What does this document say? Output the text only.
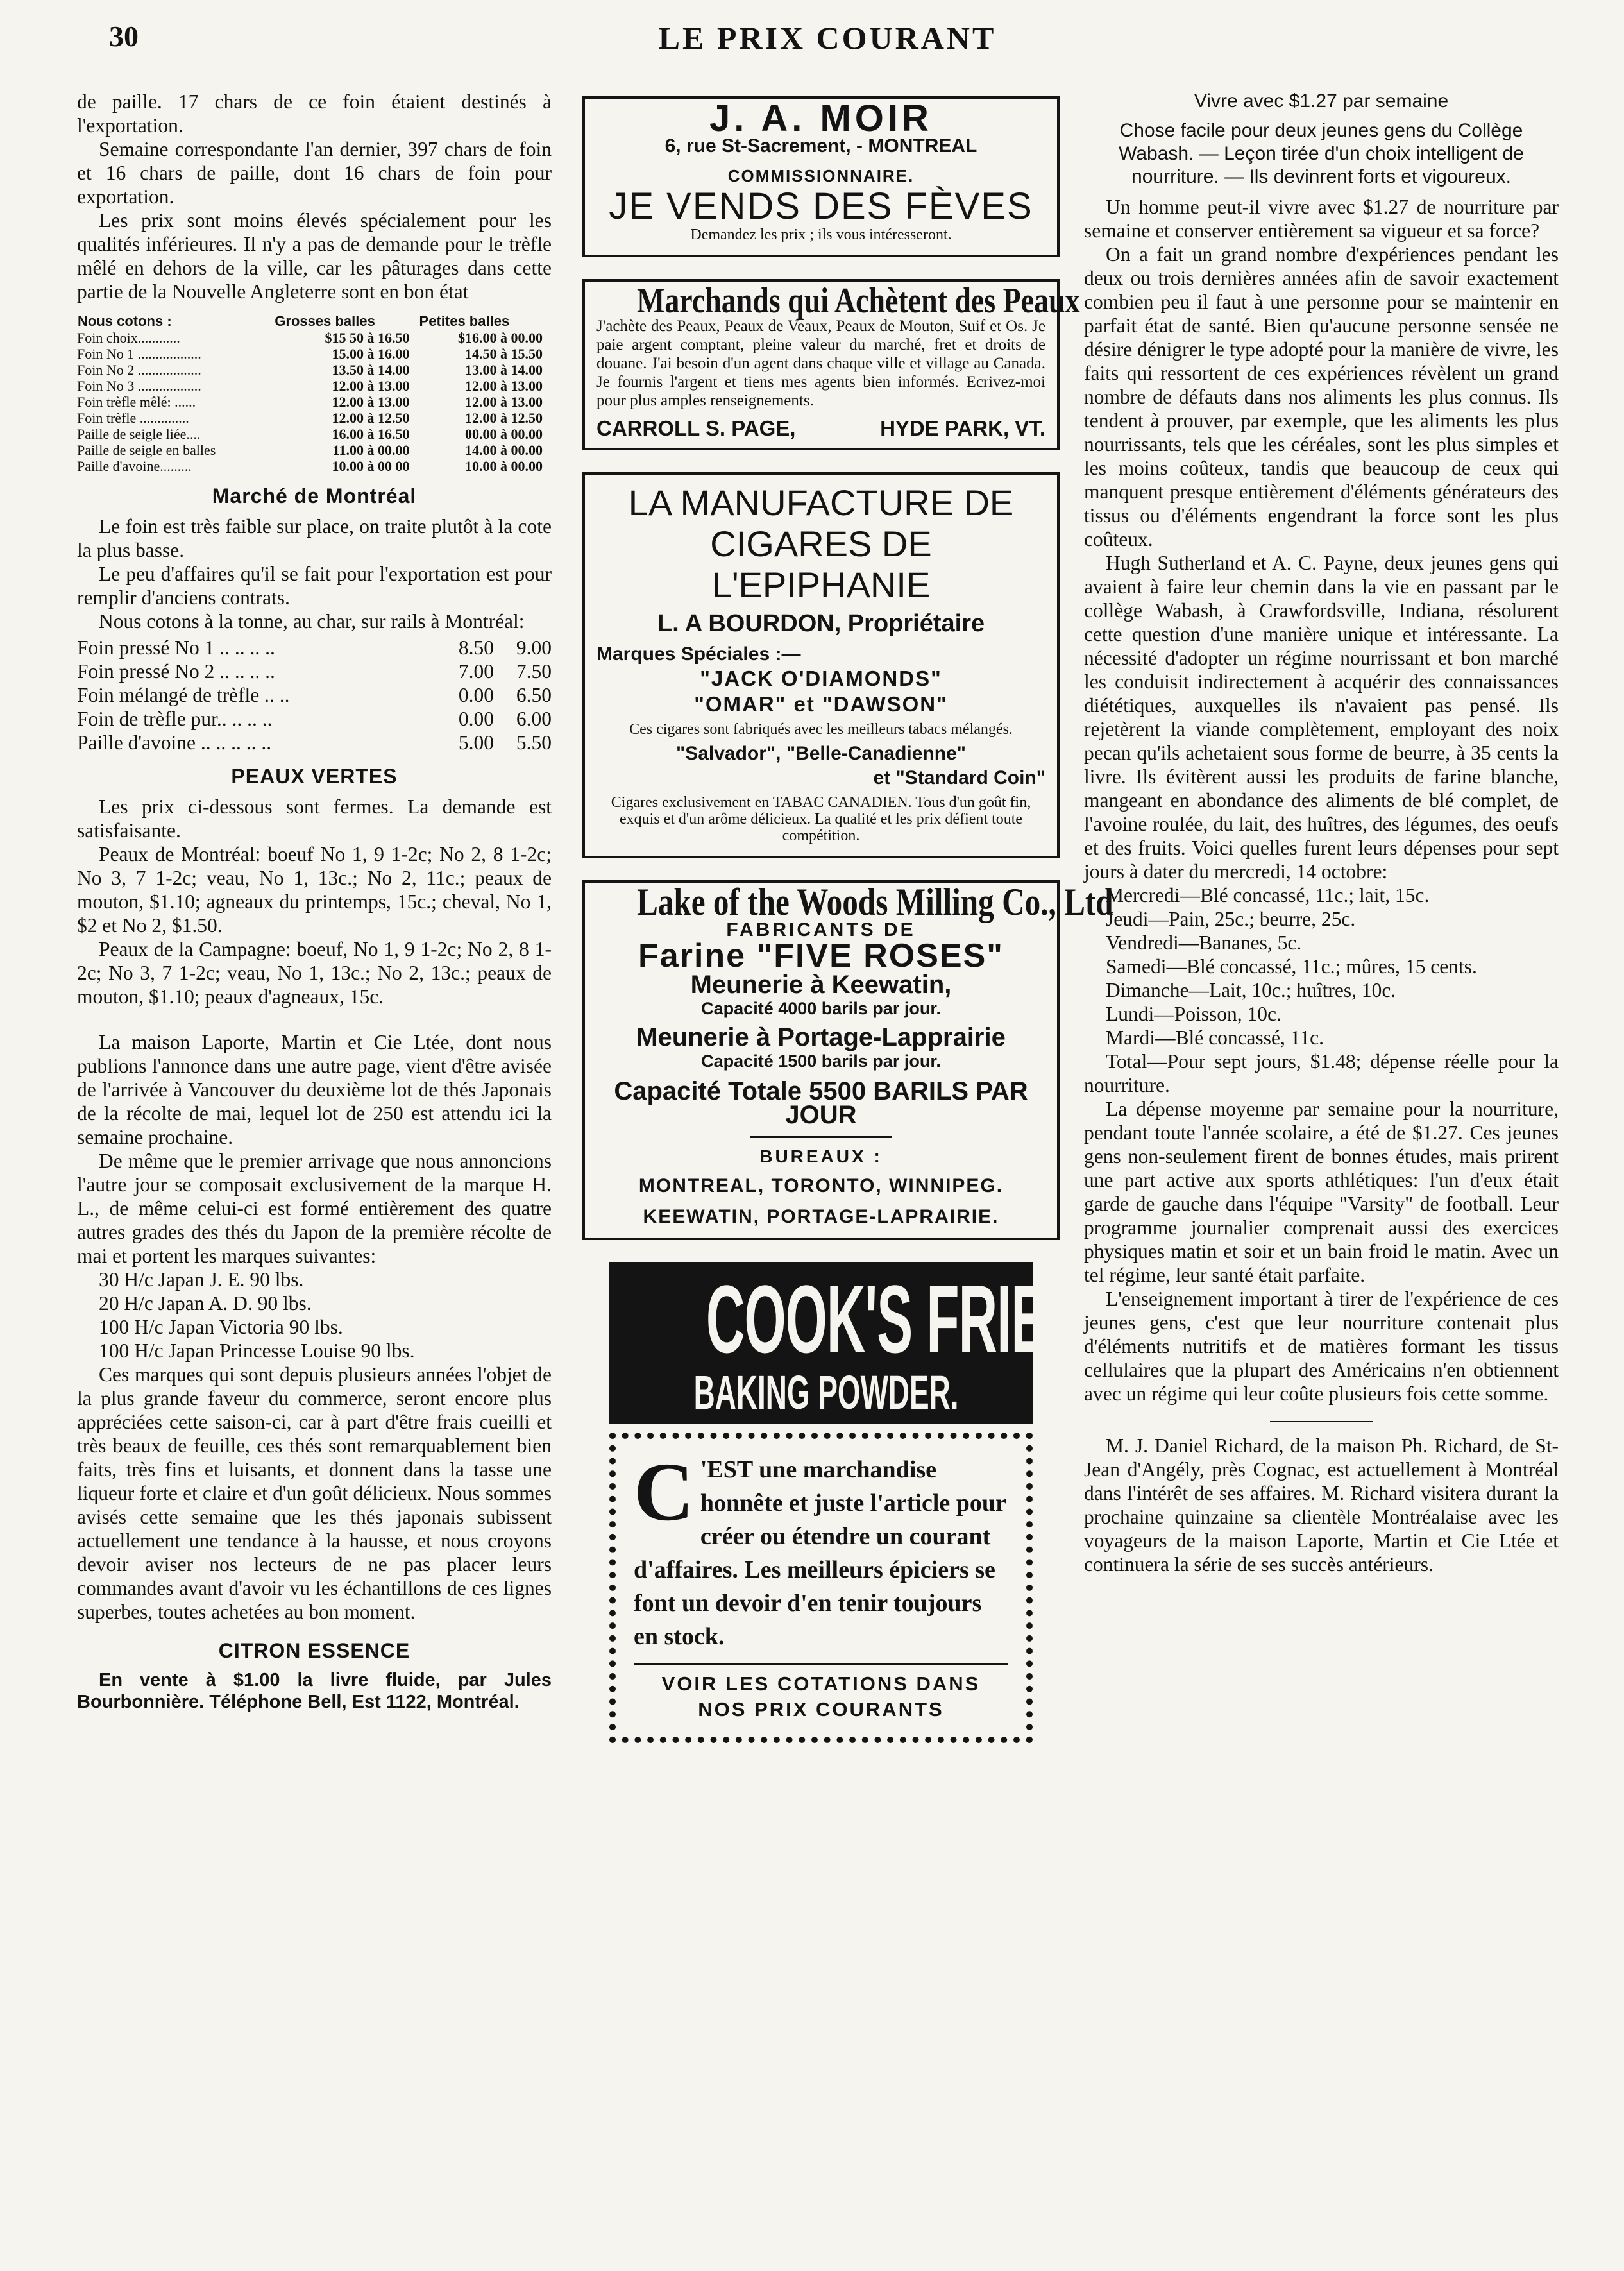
30	LE PRIX COURANT

de paille. 17 chars de ce foin étaient destinés à l'exportation.

Semaine correspondante l'an dernier, 397 chars de foin et 16 chars de paille, dont 16 chars de foin pour exportation.

Les prix sont moins élevés spécialement pour les qualités inférieures. Il n'y a pas de demande pour le trèfle mêlé en dehors de la ville, car les pâturages dans cette partie de la Nouvelle Angleterre sont en bon état

Nous cotons :	Grosses balles	Petites balles
Foin choix............	$15 50 à 16.50	$16.00 à 00.00
Foin No 1 ..................	15.00 à 16.00	14.50 à 15.50
Foin No 2 ..................	13.50 à 14.00	13.00 à 14.00
Foin No 3 ..................	12.00 à 13.00	12.00 à 13.00
Foin trèfle mêlé: ......	12.00 à 13.00	12.00 à 13.00
Foin trèfle ..............	12.00 à 12.50	12.00 à 12.50
Paille de seigle liée....	16.00 à 16.50	00.00 à 00.00
Paille de seigle en balles	11.00 à 00.00	14.00 à 00.00
Paille d'avoine.........	10.00 à 00 00	10.00 à 00.00
Marché de Montréal

Le foin est très faible sur place, on traite plutôt à la cote la plus basse.

Le peu d'affaires qu'il se fait pour l'exportation est pour remplir d'anciens contrats.

Nous cotons à la tonne, au char, sur rails à Montréal:

Foin pressé No 1 .. .. .. ..	8.50	9.00
Foin pressé No 2 .. .. .. ..	7.00	7.50
Foin mélangé de trèfle .. ..	0.00	6.50
Foin de trèfle pur.. .. .. ..	0.00	6.00
Paille d'avoine .. .. .. .. ..	5.00	5.50
PEAUX VERTES

Les prix ci-dessous sont fermes. La demande est satisfaisante.

Peaux de Montréal: boeuf No 1, 9 1-2c; No 2, 8 1-2c; No 3, 7 1-2c; veau, No 1, 13c.; No 2, 11c.; peaux de mouton, $1.10; agneaux du printemps, 15c.; cheval, No 1, $2 et No 2, $1.50.

Peaux de la Campagne: boeuf, No 1, 9 1-2c; No 2, 8 1-2c; No 3, 7 1-2c; veau, No 1, 13c.; No 2, 13c.; peaux de mouton, $1.10; peaux d'agneaux, 15c.

La maison Laporte, Martin et Cie Ltée, dont nous publions l'annonce dans une autre page, vient d'être avisée de l'arrivée à Vancouver du deuxième lot de thés Japonais de la récolte de mai, lequel lot de 250 est attendu ici la semaine prochaine.

De même que le premier arrivage que nous annoncions l'autre jour se composait exclusivement de la marque H. L., de même celui-ci est formé entièrement des quatre autres grades des thés du Japon de la première récolte de mai et portent les marques suivantes:

30 H/c Japan J. E. 90 lbs.

20 H/c Japan A. D. 90 lbs.

100 H/c Japan Victoria 90 lbs.

100 H/c Japan Princesse Louise 90 lbs.

Ces marques qui sont depuis plusieurs années l'objet de la plus grande faveur du commerce, seront encore plus appréciées cette saison-ci, car à part d'être frais cueilli et très beaux de feuille, ces thés sont remarquablement bien faits, très fins et luisants, et donnent dans la tasse une liqueur forte et claire et d'un goût délicieux. Nous sommes avisés cette semaine que les thés japonais subissent actuellement une tendance à la hausse, et nous croyons devoir aviser nos lecteurs de ne pas placer leurs commandes avant d'avoir vu les échantillons de ces lignes superbes, toutes achetées au bon moment.

CITRON ESSENCE

En vente à $1.00 la livre fluide, par Jules Bourbonnière. Téléphone Bell, Est 1122, Montréal.

J. A. MOIR
6, rue St-Sacrement, - MONTREAL
COMMISSIONNAIRE.
JE VENDS DES FÈVES
Demandez les prix ; ils vous intéresseront.
Marchands qui Achètent des Peaux
J'achète des Peaux, Peaux de Veaux, Peaux de Mouton, Suif et Os. Je paie argent comptant, pleine valeur du marché, fret et droits de douane. J'ai besoin d'un agent dans chaque ville et village au Canada. Je fournis l'argent et tiens mes agents bien informés. Ecrivez-moi pour plus amples renseignements.
CARROLL S. PAGE,	HYDE PARK, VT.
LA MANUFACTURE DE CIGARES DE L'EPIPHANIE
L. A BOURDON, Propriétaire
Marques Spéciales :—
"JACK O'DIAMONDS"
"OMAR" et "DAWSON"
Ces cigares sont fabriqués avec les meilleurs tabacs mélangés.
"Salvador", "Belle-Canadienne"
et "Standard Coin"
Cigares exclusivement en TABAC CANADIEN. Tous d'un goût fin, exquis et d'un arôme délicieux. La qualité et les prix défient toute compétition.
Lake of the Woods Milling Co., Ltd
FABRICANTS DE
Farine "FIVE ROSES"
Meunerie à Keewatin,
Capacité 4000 barils par jour.
Meunerie à Portage-Lapprairie
Capacité 1500 barils par jour.
Capacité Totale 5500 BARILS PAR JOUR
BUREAUX :
MONTREAL, TORONTO, WINNIPEG.
KEEWATIN, PORTAGE-LAPRAIRIE.
COOK'S FRIEND
BAKING POWDER.
C 'EST une marchandise honnête et juste l'article pour créer ou étendre un courant d'affaires. Les meilleurs épiciers se font un devoir d'en tenir toujours en stock.
VOIR LES COTATIONS DANS
NOS PRIX COURANTS
Vivre avec $1.27 par semaine
Chose facile pour deux jeunes gens du Collège Wabash. — Leçon tirée d'un choix intelligent de nourriture. — Ils devinrent forts et vigoureux.

Un homme peut-il vivre avec $1.27 de nourriture par semaine et conserver entièrement sa vigueur et sa force?

On a fait un grand nombre d'expériences pendant les deux ou trois dernières années afin de savoir exactement combien peu il faut à une personne pour se maintenir en parfait état de santé. Bien qu'aucune personne sensée ne désire dénigrer le type adopté pour la manière de vivre, les faits qui ressortent de ces expériences révèlent un grand nombre de défauts dans nos aliments les plus connus. Ils tendent à prouver, par exemple, que les aliments les plus nourrissants, tels que les céréales, sont les plus simples et les moins coûteux, tandis que beaucoup de ceux qui manquent presque entièrement d'éléments générateurs des tissus ou d'éléments engendrant la force sont les plus coûteux.

Hugh Sutherland et A. C. Payne, deux jeunes gens qui avaient à faire leur chemin dans la vie en passant par le collège Wabash, à Crawfordsville, Indiana, résolurent cette question d'une manière unique et intéressante. La nécessité d'adopter un régime nourrissant et bon marché les conduisit indirectement à acquérir des connaissances diététiques, auxquelles ils n'avaient pas pensé. Ils rejetèrent la viande complètement, employant des noix pecan qu'ils achetaient sous forme de beurre, à 35 cents la livre. Ils évitèrent aussi les produits de farine blanche, mangeant en abondance des aliments de blé complet, de l'avoine roulée, du lait, des huîtres, des légumes, des oeufs et des fruits. Voici quelles furent leurs dépenses pour sept jours à dater du mercredi, 14 octobre:

Mercredi—Blé concassé, 11c.; lait, 15c.

Jeudi—Pain, 25c.; beurre, 25c.

Vendredi—Bananes, 5c.

Samedi—Blé concassé, 11c.; mûres, 15 cents.

Dimanche—Lait, 10c.; huîtres, 10c.

Lundi—Poisson, 10c.

Mardi—Blé concassé, 11c.

Total—Pour sept jours, $1.48; dépense réelle pour la nourriture.

La dépense moyenne par semaine pour la nourriture, pendant toute l'année scolaire, a été de $1.27. Ces jeunes gens non-seulement firent de bonnes études, mais prirent une part active aux sports athlétiques: l'un d'eux était garde de gauche dans l'équipe "Varsity" de football. Leur programme journalier comprenait aussi des exercices physiques matin et soir et un bain froid le matin. Avec un tel régime, leur santé était parfaite.

L'enseignement important à tirer de l'expérience de ces jeunes gens, c'est que leur nourriture contenait plus d'éléments nutritifs et de matières formant les tissus cellulaires que la plupart des Américains n'en obtiennent avec un régime qui leur coûte plusieurs fois cette somme.

M. J. Daniel Richard, de la maison Ph. Richard, de St-Jean d'Angély, près Cognac, est actuellement à Montréal dans l'intérêt de ses affaires. M. Richard visitera durant la prochaine quinzaine sa clientèle Montréalaise avec les voyageurs de la maison Laporte, Martin et Cie Ltée et continuera la série de ses succès antérieurs.
